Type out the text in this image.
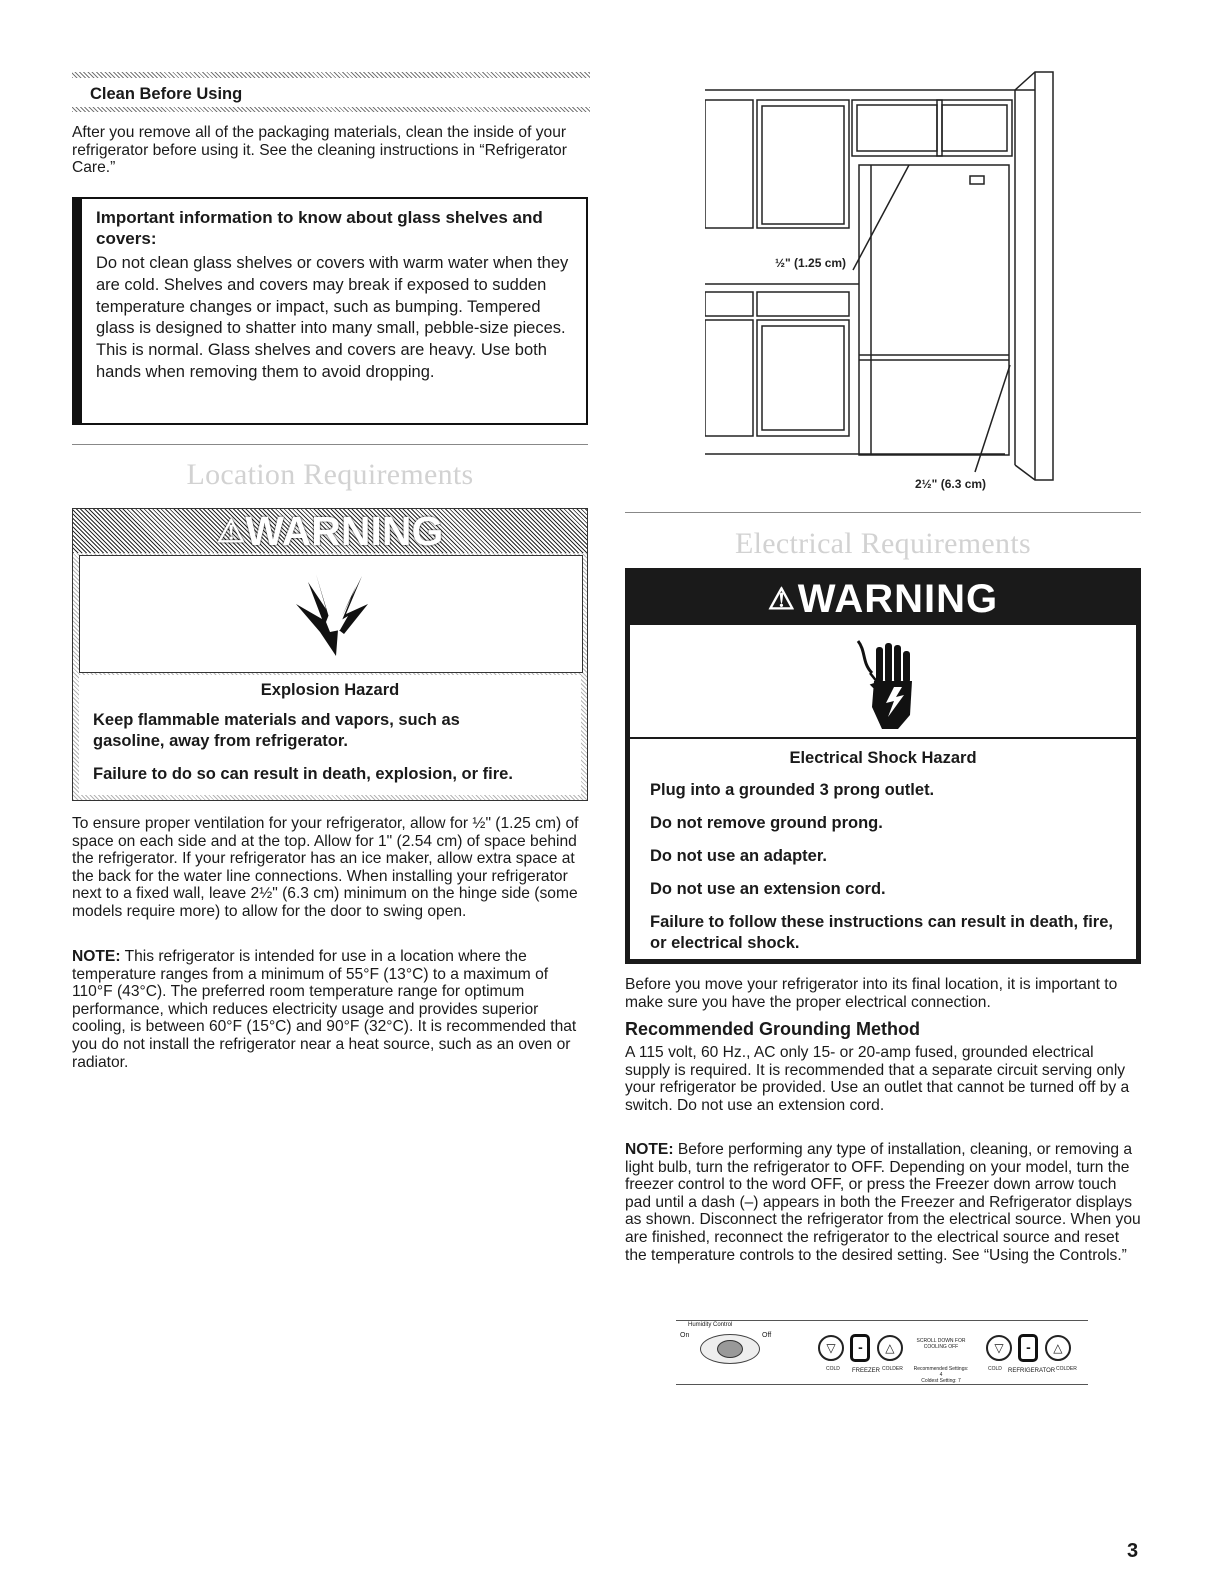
Clean Before Using
After you remove all of the packaging materials, clean the inside of your refrigerator before using it. See the cleaning instructions in “Refrigerator Care.”
Important information to know about glass shelves and covers:
Do not clean glass shelves or covers with warm water when they are cold. Shelves and covers may break if exposed to sudden temperature changes or impact, such as bumping. Tempered glass is designed to shatter into many small, pebble-size pieces. This is normal. Glass shelves and covers are heavy. Use both hands when removing them to avoid dropping.
Location Requirements
⚠WARNING
Explosion Hazard
Keep flammable materials and vapors, such as gasoline, away from refrigerator.
Failure to do so can result in death, explosion, or fire.
To ensure proper ventilation for your refrigerator, allow for ½" (1.25 cm) of space on each side and at the top. Allow for 1" (2.54 cm) of space behind the refrigerator. If your refrigerator has an ice maker, allow extra space at the back for the water line connections. When installing your refrigerator next to a fixed wall, leave 2½" (6.3 cm) minimum on the hinge side (some models require more) to allow for the door to swing open.
NOTE: This refrigerator is intended for use in a location where the temperature ranges from a minimum of 55°F (13°C) to a maximum of 110°F (43°C). The preferred room temperature range for optimum performance, which reduces electricity usage and provides superior cooling, is between 60°F (15°C) and 90°F (32°C). It is recommended that you do not install the refrigerator near a heat source, such as an oven or radiator.
½" (1.25 cm)
2½" (6.3 cm)
Electrical Requirements
⚠WARNING
Electrical Shock Hazard
Plug into a grounded 3 prong outlet.
Do not remove ground prong.
Do not use an adapter.
Do not use an extension cord.
Failure to follow these instructions can result in death, fire, or electrical shock.
Before you move your refrigerator into its final location, it is important to make sure you have the proper electrical connection.
Recommended Grounding Method
A 115 volt, 60 Hz., AC only 15- or 20-amp fused, grounded electrical supply is required. It is recommended that a separate circuit serving only your refrigerator be provided. Use an outlet that cannot be turned off by a switch. Do not use an extension cord.
NOTE: Before performing any type of installation, cleaning, or removing a light bulb, turn the refrigerator to OFF. Depending on your model, turn the freezer control to the word OFF, or press the Freezer down arrow touch pad until a dash (–) appears in both the Freezer and Refrigerator displays as shown. Disconnect the refrigerator from the electrical source. When you are finished, reconnect the refrigerator to the electrical source and reset the temperature controls to the desired setting. See “Using the Controls.”
Humidity Control
On	Off
▽ - △
COLD FREEZER COLDER
SCROLL DOWN FOR
COOLING OFF
Recommended Settings: 4
Coldest Setting: 7
▽ - △
COLD REFRIGERATOR COLDER
3
